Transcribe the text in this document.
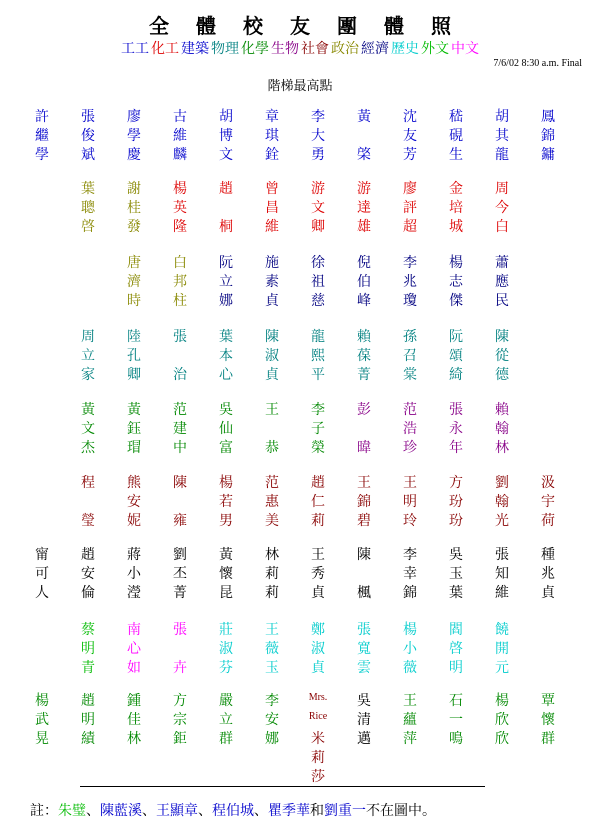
全體校友團體照
工工 化工 建築 物理 化學 生物 社會 政治 經濟 歷史 外文 中文
7/6/02 8:30 a.m. Final
階梯最高點
許
繼
學
張
俊
斌
廖
學
慶
古
維
麟
胡
博
文
章
琪
銓
李
大
勇
黃
棨
沈
友
芳
嵇
硯
生
胡
其
龍
鳳
錦
鏞
葉
聰
啓
謝
桂
發
楊
英
隆
趙
桐
曾
昌
維
游
文
卿
游
達
雄
廖
評
超
金
培
城
周
今
白
唐
濟
時
白
邦
柱
阮
立
娜
施
素
貞
徐
祖
慈
倪
伯
峰
李
兆
瓊
楊
志
傑
蕭
應
民
周
立
家
陸
孔
卿
張
治
葉
本
心
陳
淑
貞
龍
熙
平
賴
葆
菁
孫
召
棠
阮
頌
綺
陳
從
德
黃
文
杰
黃
鈺
瑁
范
建
中
吳
仙
富
王
恭
李
子
榮
彭
暐
范
浩
珍
張
永
年
賴
翰
林
程
瑩
熊
安
妮
陳
雍
楊
若
男
范
惠
美
趙
仁
莉
王
錦
碧
王
明
玲
方
玢
玢
劉
翰
光
汲
宇
荷
甯
可
人
趙
安
倫
蔣
小
瀅
劉
丕
菁
黃
懷
昆
林
莉
莉
王
秀
貞
陳
楓
李
幸
錦
吳
玉
葉
張
知
維
種
兆
貞
蔡
明
青
南
心
如
張
卉
莊
淑
芬
王
薇
玉
鄭
淑
貞
張
寬
雲
楊
小
薇
閻
啓
明
饒
開
元
楊
武
晃
趙
明
績
鍾
佳
林
方
宗
鉅
嚴
立
群
李
安
娜
Mrs.
Rice
米
莉
莎
吳
清
邁
王
蘊
萍
石
一
鳴
楊
欣
欣
覃
懷
群
註：朱璧、陳藍溪、王顯章、程伯城、瞿季華和劉重一不在圖中。
